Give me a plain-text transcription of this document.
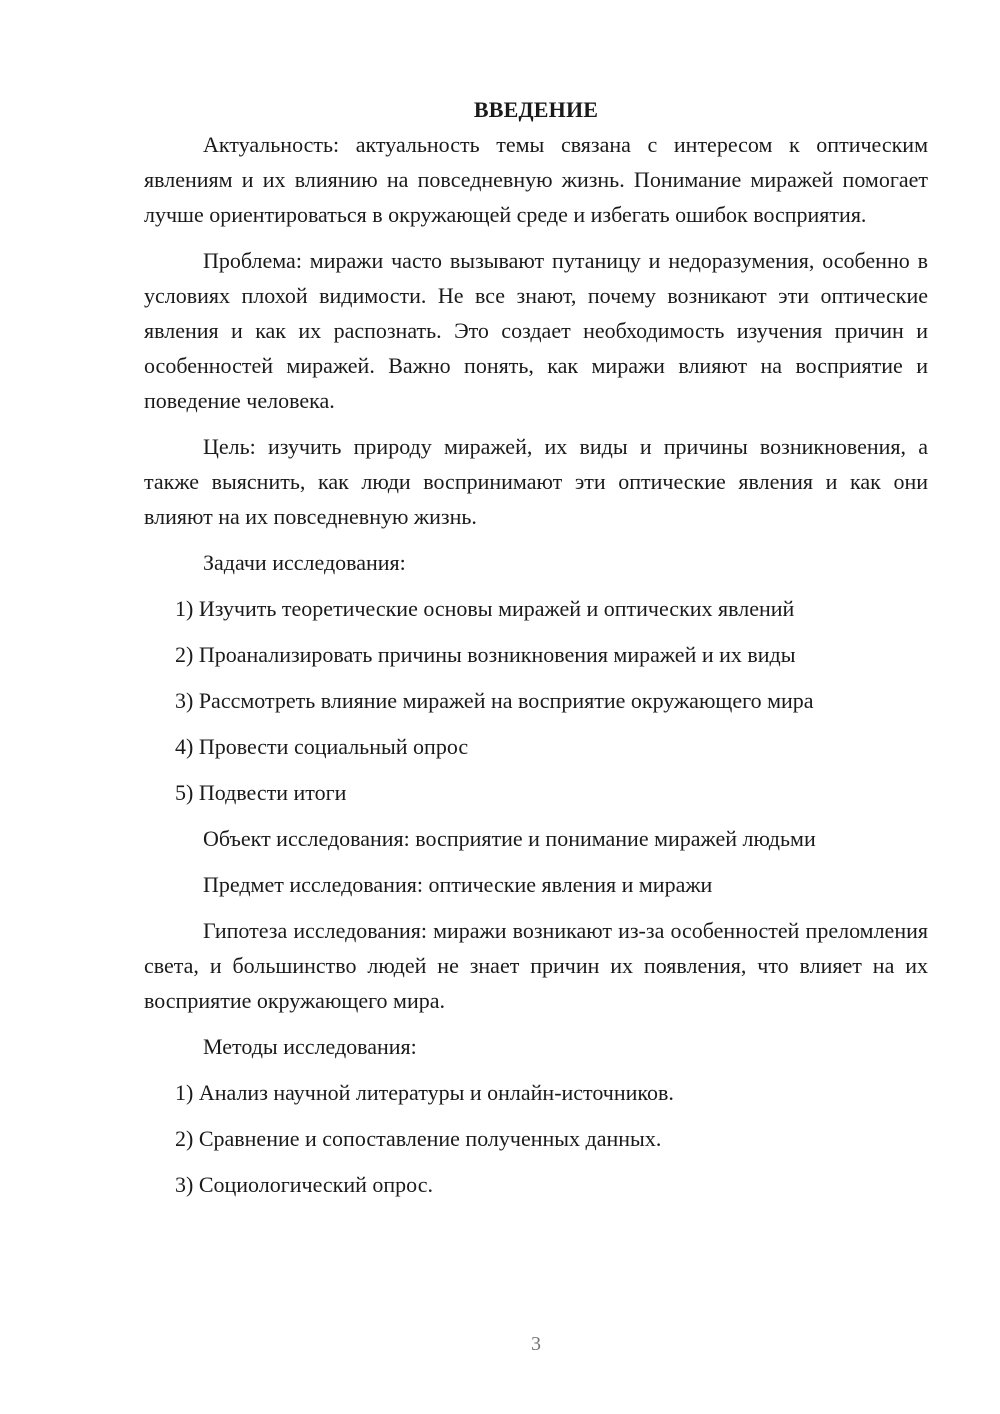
ВВЕДЕНИЕ

Актуальность: актуальность темы связана с интересом к оптическим явлениям и их влиянию на повседневную жизнь. Понимание миражей помогает лучше ориентироваться в окружающей среде и избегать ошибок восприятия.

Проблема: миражи часто вызывают путаницу и недоразумения, особенно в условиях плохой видимости. Не все знают, почему возникают эти оптические явления и как их распознать. Это создает необходимость изучения причин и особенностей миражей. Важно понять, как миражи влияют на восприятие и поведение человека.

Цель: изучить природу миражей, их виды и причины возникновения, а также выяснить, как люди воспринимают эти оптические явления и как они влияют на их повседневную жизнь.

Задачи исследования:

1) Изучить теоретические основы миражей и оптических явлений

2) Проанализировать причины возникновения миражей и их виды

3) Рассмотреть влияние миражей на восприятие окружающего мира

4) Провести социальный опрос

5) Подвести итоги

Объект исследования: восприятие и понимание миражей людьми

Предмет исследования: оптические явления и миражи

Гипотеза исследования: миражи возникают из-за особенностей преломления света, и большинство людей не знает причин их появления, что влияет на их восприятие окружающего мира.

Методы исследования:

1) Анализ научной литературы и онлайн-источников.

2) Сравнение и сопоставление полученных данных.

3) Социологический опрос.

3
